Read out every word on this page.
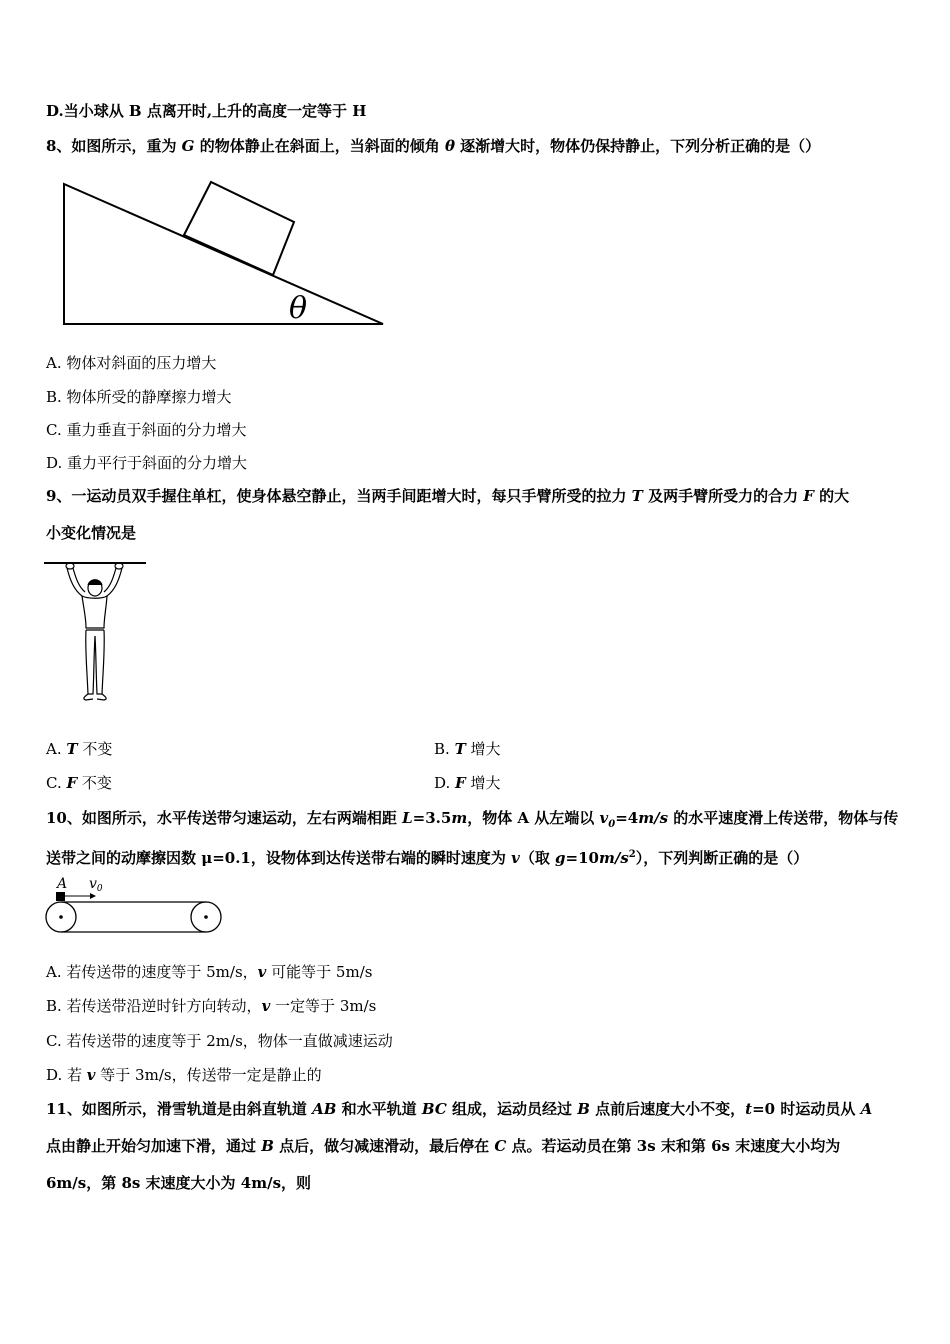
D.当小球从 B 点离开时,上升的高度一定等于 H
8、如图所示，重为 G 的物体静止在斜面上，当斜面的倾角 θ 逐渐增大时，物体仍保持静止，下列分析正确的是（）
θ
A. 物体对斜面的压力增大
B. 物体所受的静摩擦力增大
C. 重力垂直于斜面的分力增大
D. 重力平行于斜面的分力增大
9、一运动员双手握住单杠，使身体悬空静止，当两手间距增大时，每只手臂所受的拉力 T 及两手臂所受力的合力 F 的大
小变化情况是
A. T 不变	B. T 增大
C. F 不变	D. F 增大
10、如图所示，水平传送带匀速运动，左右两端相距 L=3.5m，物体 A 从左端以 $v_0=4m/s$ 的水平速度滑上传送带，物体与传
送带之间的动摩擦因数 μ=0.1，设物体到达传送带右端的瞬时速度为 v（取 $g=10m/s^2$），下列判断正确的是（）
A $v_0$
A. 若传送带的速度等于 5m/s，v 可能等于 5m/s
B. 若传送带沿逆时针方向转动，v 一定等于 3m/s
C. 若传送带的速度等于 2m/s，物体一直做减速运动
D. 若 v 等于 3m/s，传送带一定是静止的
11、如图所示，滑雪轨道是由斜直轨道 AB 和水平轨道 BC 组成，运动员经过 B 点前后速度大小不变，t=0 时运动员从 A
点由静止开始匀加速下滑，通过 B 点后，做匀减速滑动，最后停在 C 点。若运动员在第 3s 末和第 6s 末速度大小均为
6m/s，第 8s 末速度大小为 4m/s，则
